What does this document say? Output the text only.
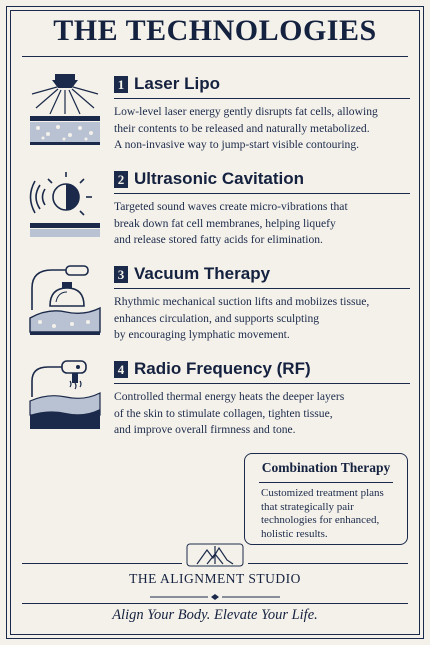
THE TECHNOLOGIES
1 Laser Lipo
Low-level laser energy gently disrupts fat cells, allowing
their contents to be released and naturally metabolized.
A non-invasive way to jump-start visible contouring.
2 Ultrasonic Cavitation
Targeted sound waves create micro-vibrations that
break down fat cell membranes, helping liquefy
and release stored fatty acids for elimination.
3 Vacuum Therapy
Rhythmic mechanical suction lifts and mobiizes tissue,
enhances circulation, and supports sculpting
by encouraging lymphatic movement.
4 Radio Frequency (RF)
Controlled thermal energy heats the deeper layers
of the skin to stimulate collagen, tighten tissue,
and improve overall firmness and tone.
Combination Therapy
Customized treatment plans
that strategically pair
technologies for enhanced,
holistic results.
THE ALIGNMENT STUDIO
Align Your Body. Elevate Your Life.
